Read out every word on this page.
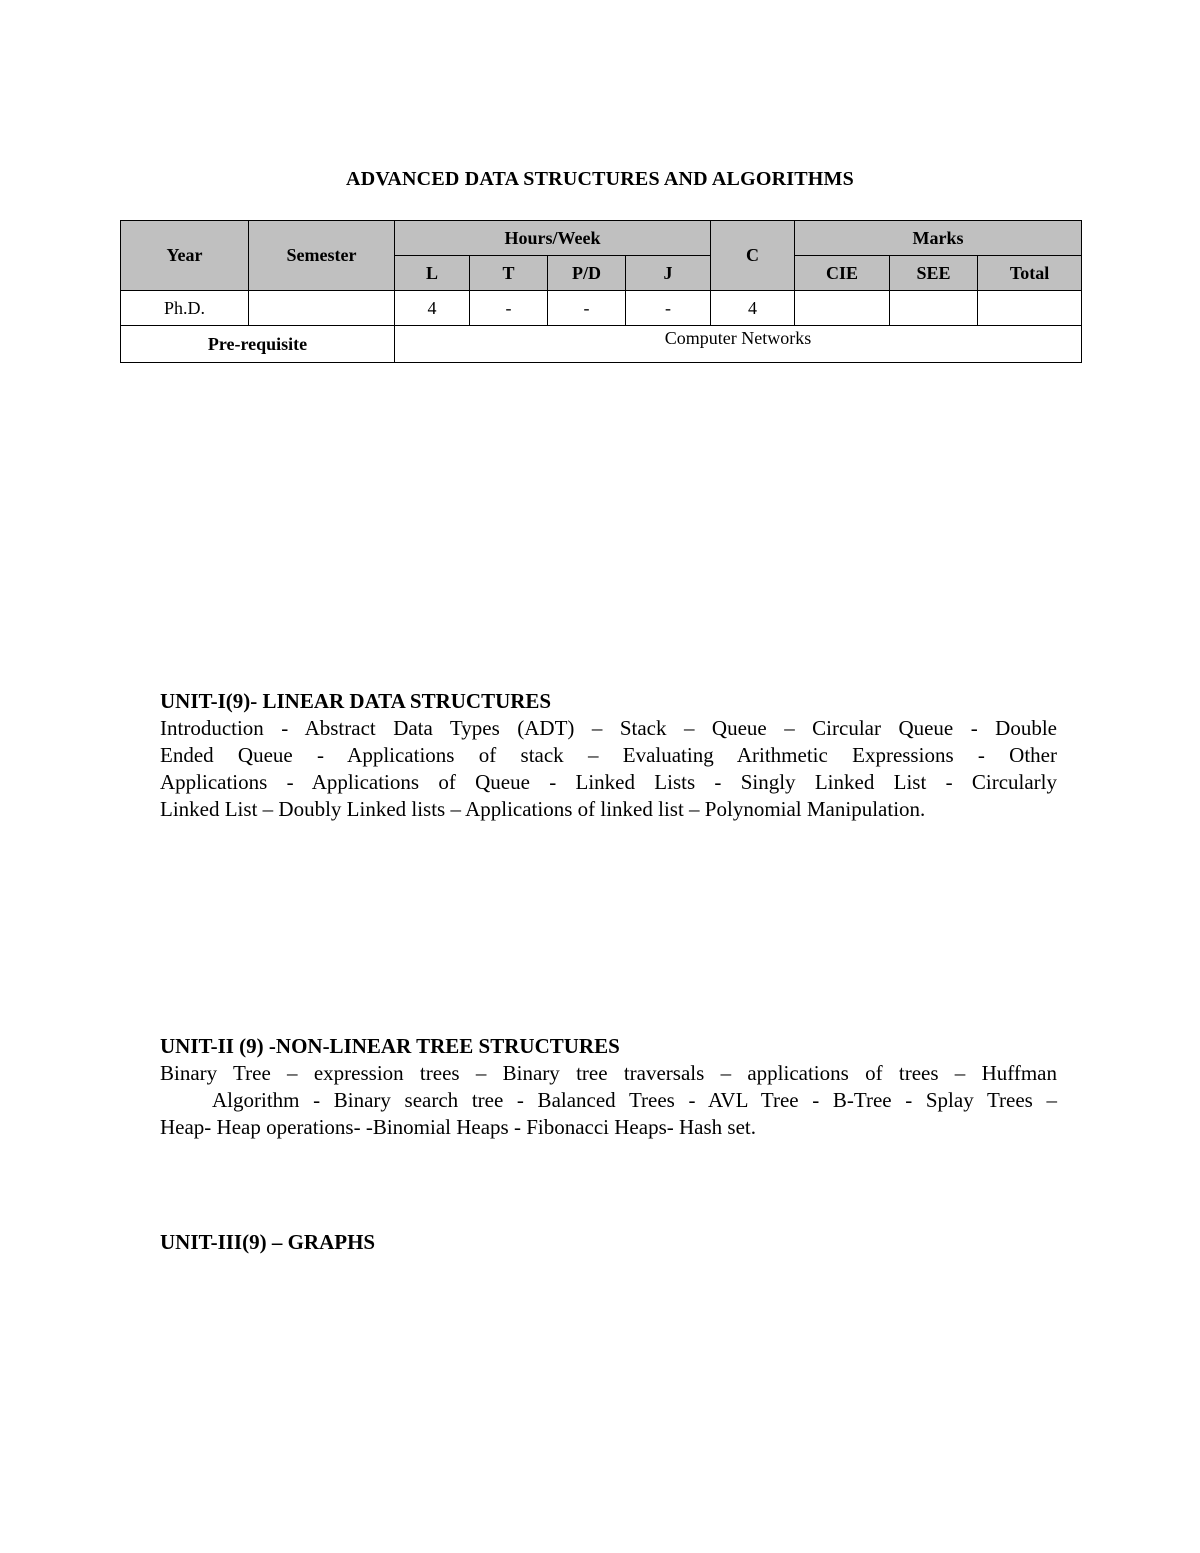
ADVANCED DATA STRUCTURES AND ALGORITHMS
Year	Semester	Hours/Week				C	Marks		
		L	T	P/D	J		CIE	SEE	Total
Ph.D.		4	-	-	-	4			
Pre-requisite		Computer Networks							
UNIT-I(9)- LINEAR DATA STRUCTURES
Introduction - Abstract Data Types (ADT) – Stack – Queue – Circular Queue - Double
Ended Queue - Applications of stack – Evaluating Arithmetic Expressions - Other
Applications - Applications of Queue - Linked Lists - Singly Linked List - Circularly
Linked List – Doubly Linked lists – Applications of linked list – Polynomial Manipulation.
UNIT-II (9) -NON-LINEAR TREE STRUCTURES
Binary Tree – expression trees – Binary tree traversals – applications of trees – Huffman
Algorithm - Binary search tree - Balanced Trees - AVL Tree - B-Tree - Splay Trees –
Heap- Heap operations- -Binomial Heaps - Fibonacci Heaps- Hash set.
UNIT-III(9) – GRAPHS
